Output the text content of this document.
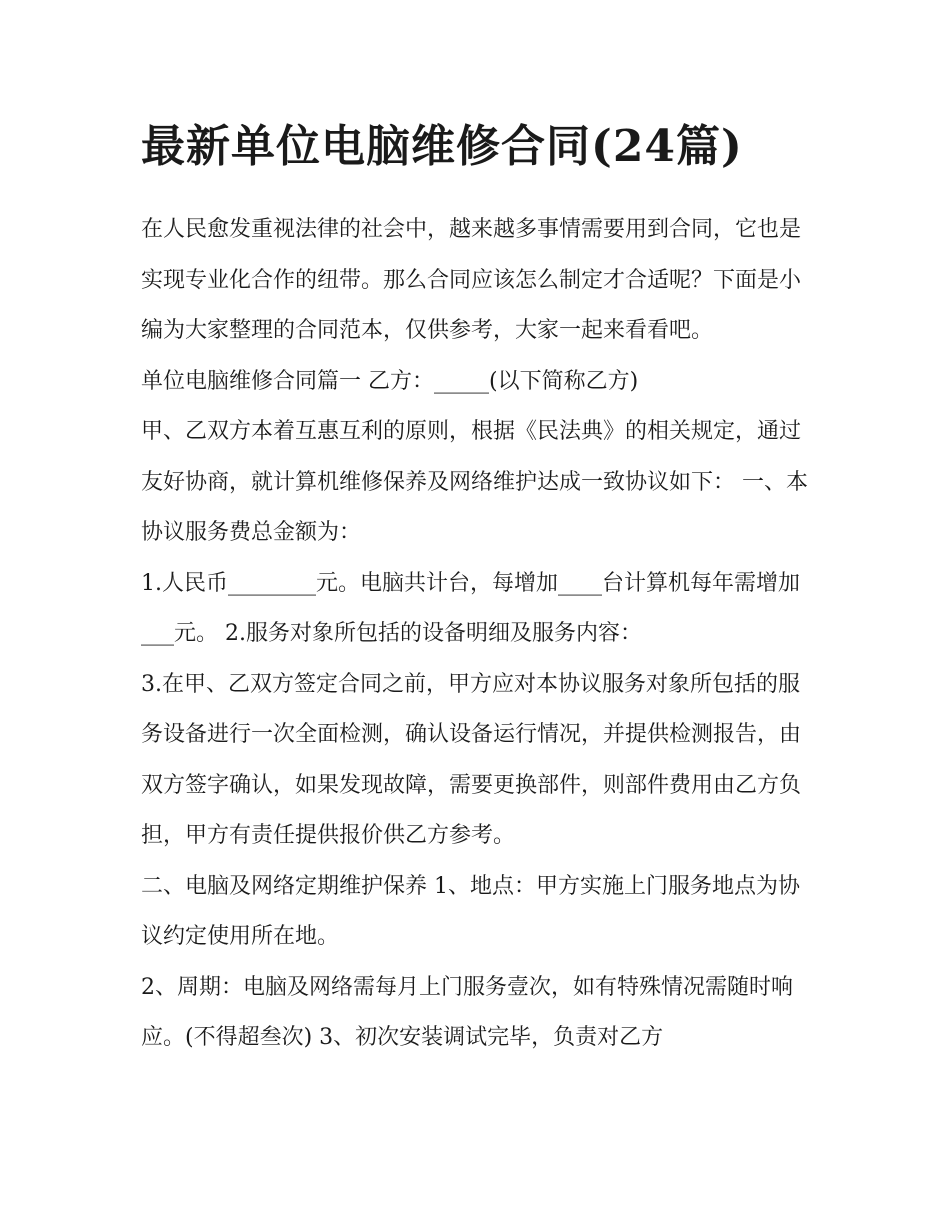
最新单位电脑维修合同(24篇)

在人民愈发重视法律的社会中，越来越多事情需要用到合同，它也是实现专业化合作的纽带。那么合同应该怎么制定才合适呢？下面是小编为大家整理的合同范本，仅供参考，大家一起来看看吧。

单位电脑维修合同篇一 乙方：_____(以下简称乙方)

甲、乙双方本着互惠互利的原则，根据《民法典》的相关规定，通过友好协商，就计算机维修保养及网络维护达成一致协议如下： 一、本协议服务费总金额为：

1.人民币________元。电脑共计台，每增加____台计算机每年需增加___元。 2.服务对象所包括的设备明细及服务内容：

3.在甲、乙双方签定合同之前，甲方应对本协议服务对象所包括的服务设备进行一次全面检测，确认设备运行情况，并提供检测报告，由双方签字确认，如果发现故障，需要更换部件，则部件费用由乙方负担，甲方有责任提供报价供乙方参考。

二、电脑及网络定期维护保养 1、地点：甲方实施上门服务地点为协议约定使用所在地。

2、周期：电脑及网络需每月上门服务壹次，如有特殊情况需随时响应。(不得超叁次) 3、初次安装调试完毕，负责对乙方
